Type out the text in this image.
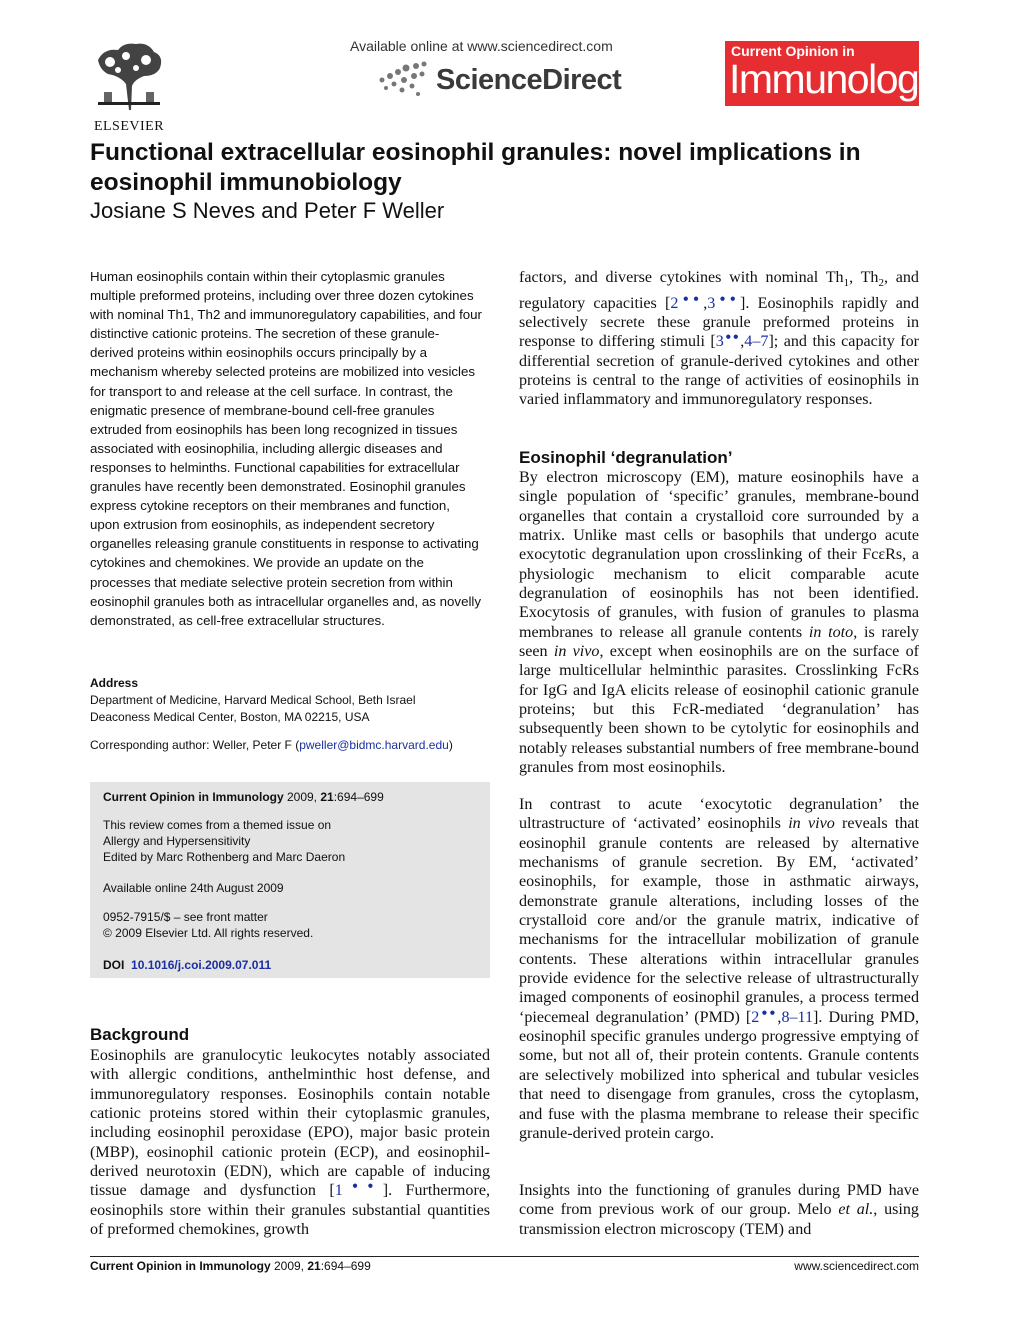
ELSEVIER
Available online at www.sciencedirect.com
ScienceDirect
Current Opinion in
Immunology
Functional extracellular eosinophil granules: novel implications in eosinophil immunobiology
Josiane S Neves and Peter F Weller
Human eosinophils contain within their cytoplasmic granules multiple preformed proteins, including over three dozen cytokines with nominal Th1, Th2 and immunoregulatory capabilities, and four distinctive cationic proteins. The secretion of these granule-derived proteins within eosinophils occurs principally by a mechanism whereby selected proteins are mobilized into vesicles for transport to and release at the cell surface. In contrast, the enigmatic presence of membrane-bound cell-free granules extruded from eosinophils has been long recognized in tissues associated with eosinophilia, including allergic diseases and responses to helminths. Functional capabilities for extracellular granules have recently been demonstrated. Eosinophil granules express cytokine receptors on their membranes and function, upon extrusion from eosinophils, as independent secretory organelles releasing granule constituents in response to activating cytokines and chemokines. We provide an update on the processes that mediate selective protein secretion from within eosinophil granules both as intracellular organelles and, as novelly demonstrated, as cell-free extracellular structures.
Address
Department of Medicine, Harvard Medical School, Beth Israel
Deaconess Medical Center, Boston, MA 02215, USA
Corresponding author: Weller, Peter F (pweller@bidmc.harvard.edu)
Current Opinion in Immunology 2009, 21:694–699
This review comes from a themed issue on
Allergy and Hypersensitivity
Edited by Marc Rothenberg and Marc Daeron
Available online 24th August 2009
0952-7915/$ – see front matter
© 2009 Elsevier Ltd. All rights reserved.
DOI 10.1016/j.coi.2009.07.011
Background
Eosinophils are granulocytic leukocytes notably associated with allergic conditions, anthelminthic host defense, and immunoregulatory responses. Eosinophils contain notable cationic proteins stored within their cytoplasmic granules, including eosinophil peroxidase (EPO), major basic protein (MBP), eosinophil cationic protein (ECP), and eosinophil-derived neurotoxin (EDN), which are capable of inducing tissue damage and dysfunction [1●●]. Furthermore, eosinophils store within their granules substantial quantities of preformed chemokines, growth
factors, and diverse cytokines with nominal $Th_1$, $Th_2$, and regulatory capacities [2●●,3●●]. Eosinophils rapidly and selectively secrete these granule preformed proteins in response to differing stimuli [3●●,4–7]; and this capacity for differential secretion of granule-derived cytokines and other proteins is central to the range of activities of eosinophils in varied inflammatory and immunoregulatory responses.
Eosinophil ‘degranulation’
By electron microscopy (EM), mature eosinophils have a single population of ‘specific’ granules, membrane-bound organelles that contain a crystalloid core surrounded by a matrix. Unlike mast cells or basophils that undergo acute exocytotic degranulation upon crosslinking of their FcεRs, a physiologic mechanism to elicit comparable acute degranulation of eosinophils has not been identified. Exocytosis of granules, with fusion of granules to plasma membranes to release all granule contents in toto, is rarely seen in vivo, except when eosinophils are on the surface of large multicellular helminthic parasites. Crosslinking FcRs for IgG and IgA elicits release of eosinophil cationic granule proteins; but this FcR-mediated ‘degranulation’ has subsequently been shown to be cytolytic for eosinophils and notably releases substantial numbers of free membrane-bound granules from most eosinophils.
In contrast to acute ‘exocytotic degranulation’ the ultrastructure of ‘activated’ eosinophils in vivo reveals that eosinophil granule contents are released by alternative mechanisms of granule secretion. By EM, ‘activated’ eosinophils, for example, those in asthmatic airways, demonstrate granule alterations, including losses of the crystalloid core and/or the granule matrix, indicative of mechanisms for the intracellular mobilization of granule contents. These alterations within intracellular granules provide evidence for the selective release of ultrastructurally imaged components of eosinophil granules, a process termed ‘piecemeal degranulation’ (PMD) [2●●,8–11]. During PMD, eosinophil specific granules undergo progressive emptying of some, but not all of, their protein contents. Granule contents are selectively mobilized into spherical and tubular vesicles that need to disengage from granules, cross the cytoplasm, and fuse with the plasma membrane to release their specific granule-derived protein cargo.
Insights into the functioning of granules during PMD have come from previous work of our group. Melo et al., using transmission electron microscopy (TEM) and
Current Opinion in Immunology 2009, 21:694–699	www.sciencedirect.com
